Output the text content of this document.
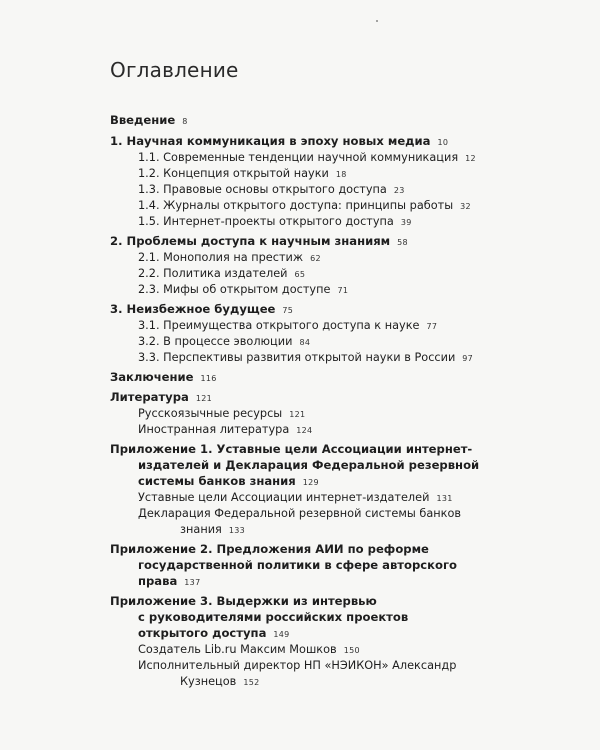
Оглавление
Введение 8
1. Научная коммуникация в эпоху новых медиа 10
1.1. Современные тенденции научной коммуникация 12
1.2. Концепция открытой науки 18
1.3. Правовые основы открытого доступа 23
1.4. Журналы открытого доступа: принципы работы 32
1.5. Интернет-проекты открытого доступа 39
2. Проблемы доступа к научным знаниям 58
2.1. Монополия на престиж 62
2.2. Политика издателей 65
2.3. Мифы об открытом доступе 71
3. Неизбежное будущее 75
3.1. Преимущества открытого доступа к науке 77
3.2. В процессе эволюции 84
3.3. Перспективы развития открытой науки в России 97
Заключение 116
Литература 121
Русскоязычные ресурсы 121
Иностранная литература 124
Приложение 1. Уставные цели Ассоциации интернет-
издателей и Декларация Федеральной резервной
системы банков знания 129
Уставные цели Ассоциации интернет-издателей 131
Декларация Федеральной резервной системы банков
знания 133
Приложение 2. Предложения АИИ по реформе
государственной политики в сфере авторского
права 137
Приложение 3. Выдержки из интервью
с руководителями российских проектов
открытого доступа 149
Создатель Lib.ru Максим Мошков 150
Исполнительный директор НП «НЭИКОН» Александр
Кузнецов 152
